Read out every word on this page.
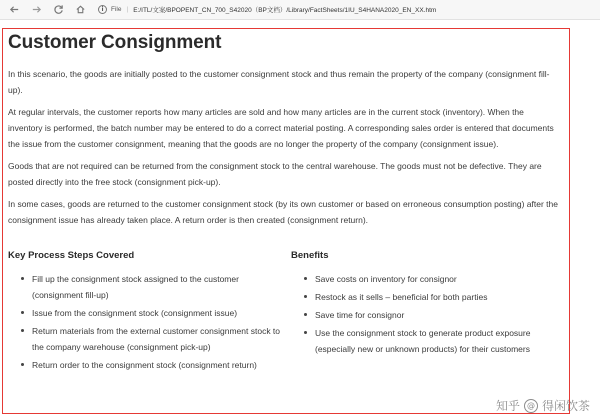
i	File | E:/ITL/文案/BPOPENT_CN_700_S42020（BP文档）/Library/FactSheets/1IU_S4HANA2020_EN_XX.htm
Customer Consignment

In this scenario, the goods are initially posted to the customer consignment stock and thus remain the property of the company (consignment fill-up).

At regular intervals, the customer reports how many articles are sold and how many articles are in the current stock (inventory). When the inventory is performed, the batch number may be entered to do a correct material posting. A corresponding sales order is entered that documents the issue from the customer consignment, meaning that the goods are no longer the property of the company (consignment issue).

Goods that are not required can be returned from the consignment stock to the central warehouse. The goods must not be defective. They are posted directly into the free stock (consignment pick-up).

In some cases, goods are returned to the customer consignment stock (by its own customer or based on erroneous consumption posting) after the consignment issue has already taken place. A return order is then created (consignment return).

Key Process Steps Covered
Fill up the consignment stock assigned to the customer (consignment fill-up)
Issue from the consignment stock (consignment issue)
Return materials from the external customer consignment stock to the company warehouse (consignment pick-up)
Return order to the consignment stock (consignment return)
Benefits
Save costs on inventory for consignor
Restock as it sells – beneficial for both parties
Save time for consignor
Use the consignment stock to generate product exposure (especially new or unknown products) for their customers
知乎 @ 得闲饮茶
